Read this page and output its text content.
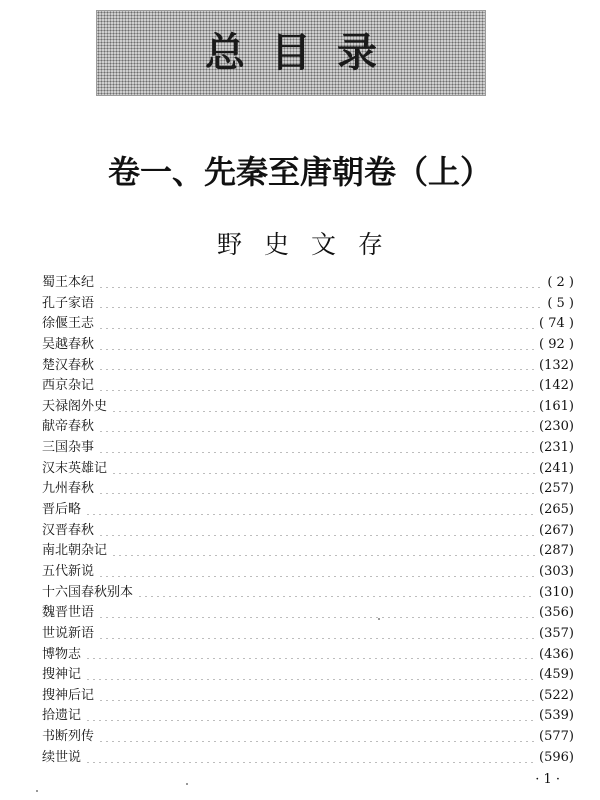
总目录
卷一、先秦至唐朝卷（上）
野史文存
蜀王本纪	( 2 )
孔子家语	( 5 )
徐偃王志	( 74 )
吴越春秋	( 92 )
楚汉春秋	(132)
西京杂记	(142)
天禄阁外史	(161)
献帝春秋	(230)
三国杂事	(231)
汉末英雄记	(241)
九州春秋	(257)
晋后略	(265)
汉晋春秋	(267)
南北朝杂记	(287)
五代新说	(303)
十六国春秋别本	(310)
魏晋世语	(356)
世说新语	(357)
博物志	(436)
搜神记	(459)
搜神后记	(522)
拾遗记	(539)
书断列传	(577)
续世说	(596)
· 1 ·
